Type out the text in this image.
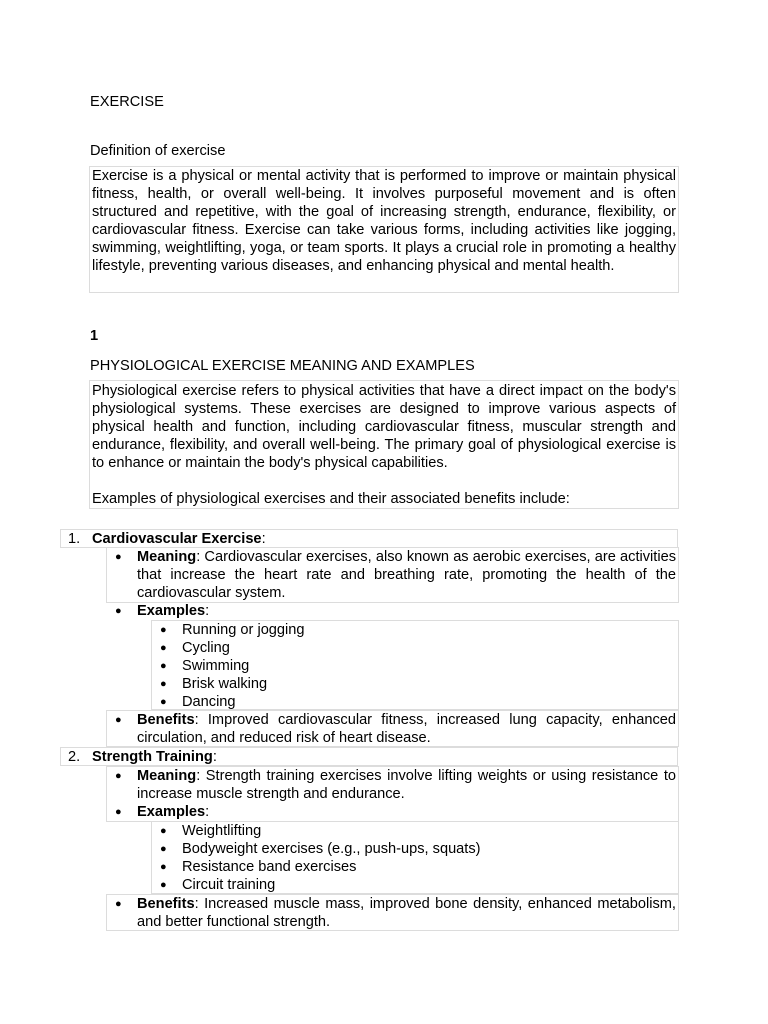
EXERCISE
Definition of exercise
Exercise is a physical or mental activity that is performed to improve or maintain physical fitness, health, or overall well-being. It involves purposeful movement and is often structured and repetitive, with the goal of increasing strength, endurance, flexibility, or cardiovascular fitness. Exercise can take various forms, including activities like jogging, swimming, weightlifting, yoga, or team sports. It plays a crucial role in promoting a healthy lifestyle, preventing various diseases, and enhancing physical and mental health.
1
PHYSIOLOGICAL EXERCISE MEANING AND EXAMPLES

Physiological exercise refers to physical activities that have a direct impact on the body's physiological systems. These exercises are designed to improve various aspects of physical health and function, including cardiovascular fitness, muscular strength and endurance, flexibility, and overall well-being. The primary goal of physiological exercise is to enhance or maintain the body's physical capabilities.

Examples of physiological exercises and their associated benefits include:

1. Cardiovascular Exercise:
●	Meaning: Cardiovascular exercises, also known as aerobic exercises, are activities that increase the heart rate and breathing rate, promoting the health of the cardiovascular system.
●	Examples:
●	Running or jogging
●	Cycling
●	Swimming
●	Brisk walking
●	Dancing
●	Benefits: Improved cardiovascular fitness, increased lung capacity, enhanced circulation, and reduced risk of heart disease.
2. Strength Training:
●	Meaning: Strength training exercises involve lifting weights or using resistance to increase muscle strength and endurance.
●	Examples:
●	Weightlifting
●	Bodyweight exercises (e.g., push-ups, squats)
●	Resistance band exercises
●	Circuit training
●	Benefits: Increased muscle mass, improved bone density, enhanced metabolism, and better functional strength.
